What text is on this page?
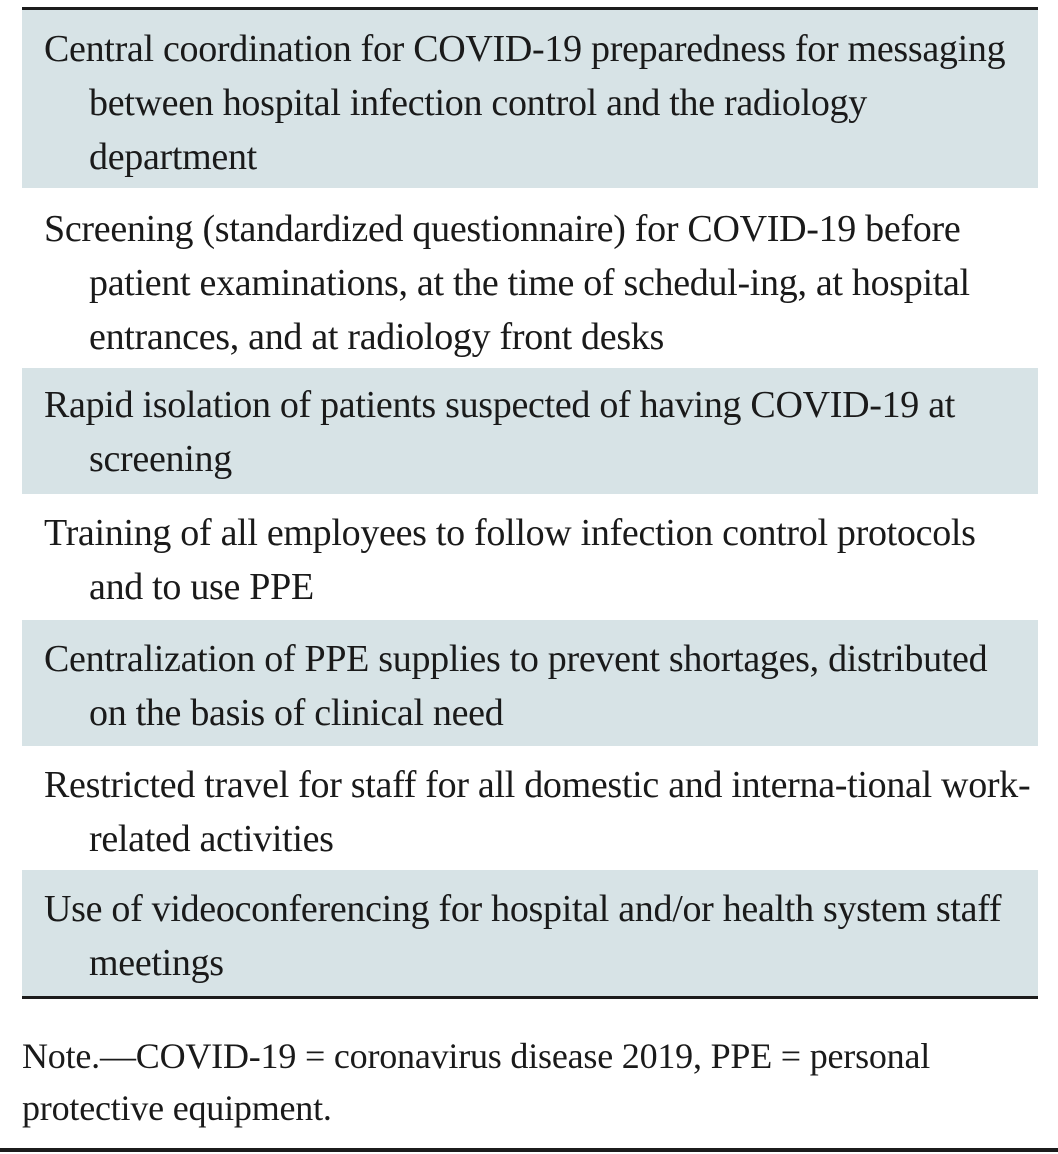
Central coordination for COVID-19 preparedness for messaging between hospital infection control and the radiology department

Screening (standardized questionnaire) for COVID-19 before patient examinations, at the time of schedul-ing, at hospital entrances, and at radiology front desks

Rapid isolation of patients suspected of having COVID-19 at screening

Training of all employees to follow infection control protocols and to use PPE

Centralization of PPE supplies to prevent shortages, distributed on the basis of clinical need

Restricted travel for staff for all domestic and interna-tional work-related activities

Use of videoconferencing for hospital and/or health system staff meetings

Note.—COVID-19 = coronavirus disease 2019, PPE = personal protective equipment.
